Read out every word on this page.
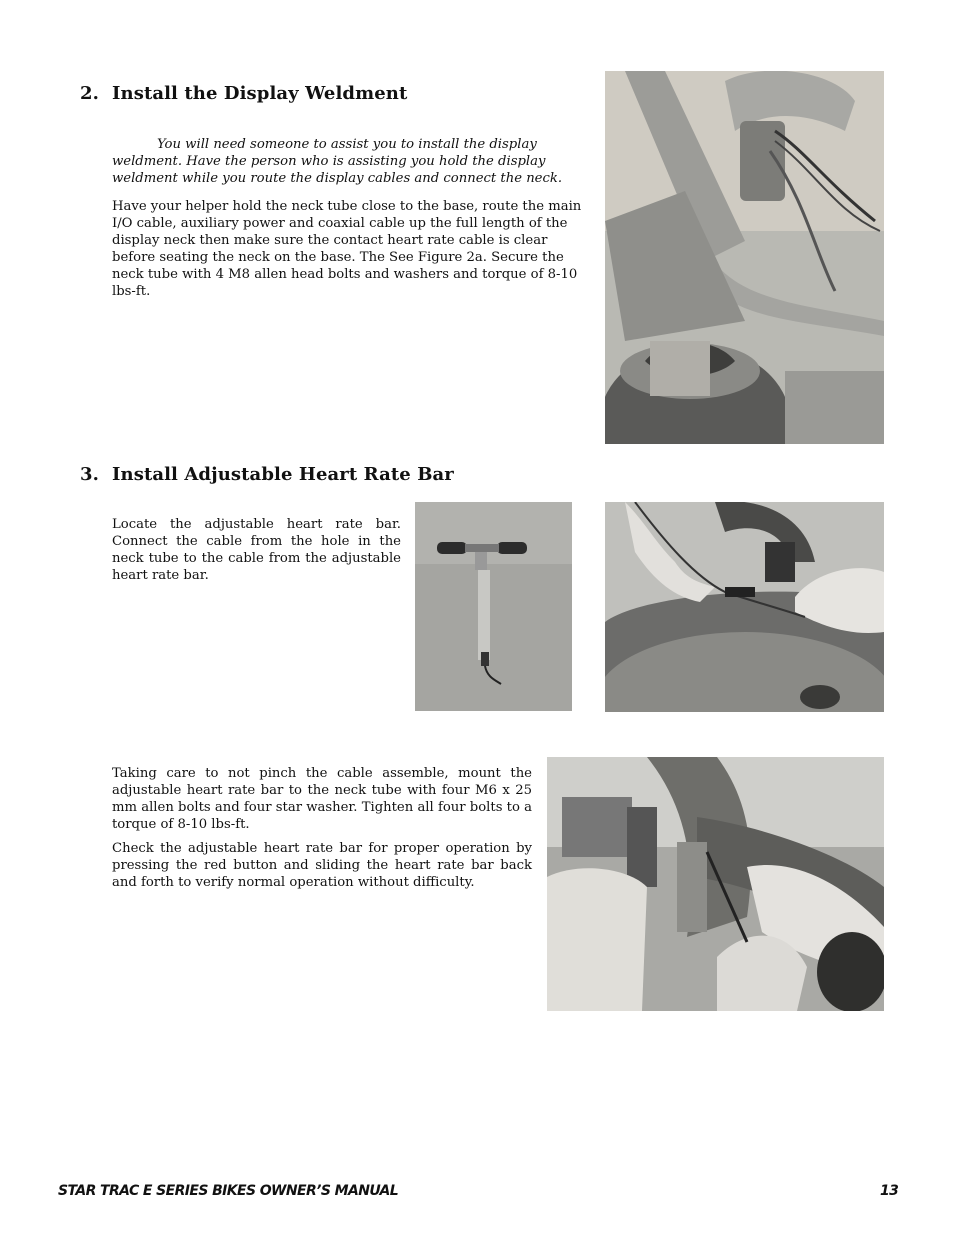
2. Install the Display Weldment

You will need someone to assist you to install the display weldment. Have the person who is assisting you hold the display weldment while you route the display cables and connect the neck.

Have your helper hold the neck tube close to the base, route the main I/O cable, auxiliary power and coaxial cable up the full length of the display neck then make sure the contact heart rate cable is clear before seating the neck on the base. The See Figure 2a. Secure the neck tube with 4 M8 allen head bolts and washers and torque of 8-10 lbs-ft.

3. Install Adjustable Heart Rate Bar

Locate the adjustable heart rate bar. Connect the cable from the hole in the neck tube to the cable from the adjustable heart rate bar.

Taking care to not pinch the cable assemble, mount the adjustable heart rate bar to the neck tube with four M6 x 25 mm allen bolts and four star washer. Tighten all four bolts to a torque of 8-10 lbs-ft.

Check the adjustable heart rate bar for proper operation by pressing the red button and sliding the heart rate bar back and forth to verify normal operation without difficulty.

STAR TRAC E SERIES BIKES OWNER’S MANUAL	13
